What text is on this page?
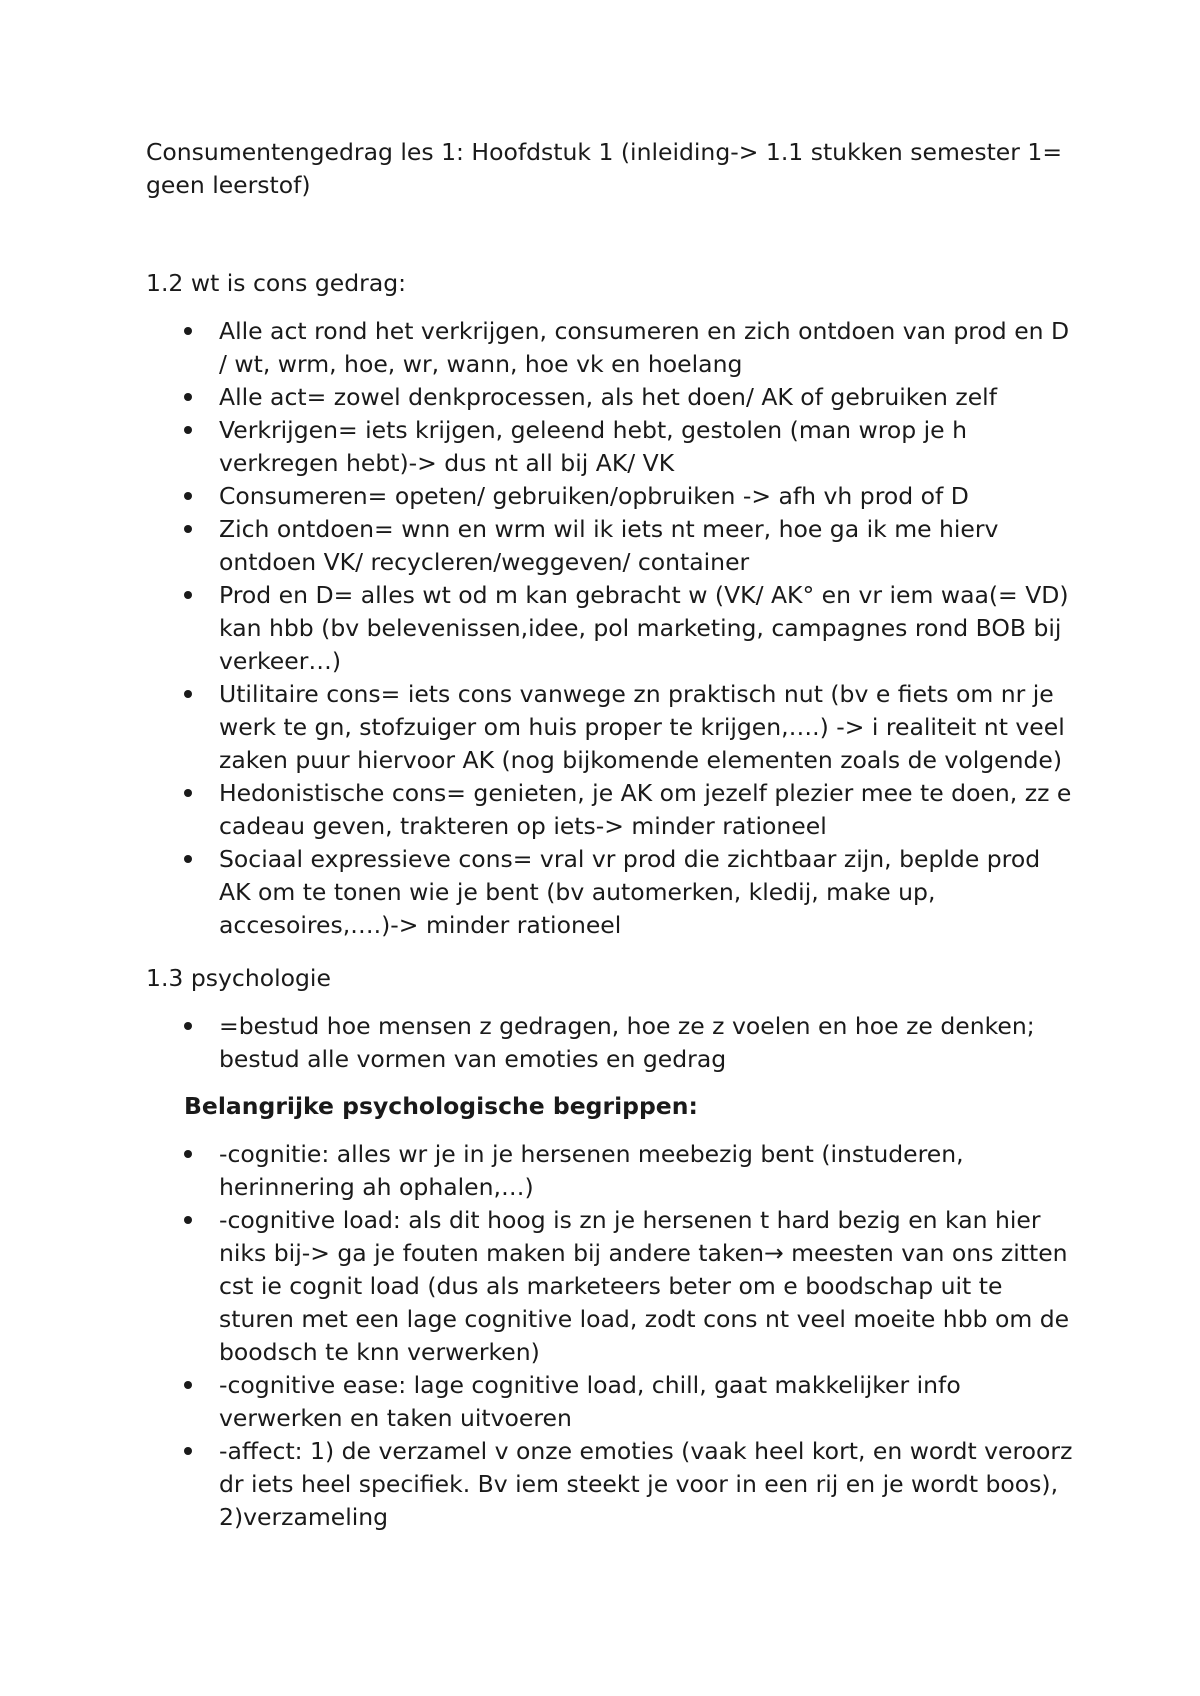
Consumentengedrag les 1: Hoofdstuk 1 (inleiding-> 1.1 stukken semester 1= geen leerstof)

1.2 wt is cons gedrag:

Alle act rond het verkrijgen, consumeren en zich ontdoen van prod en D / wt, wrm, hoe, wr, wann, hoe vk en hoelang
Alle act= zowel denkprocessen, als het doen/ AK of gebruiken zelf
Verkrijgen= iets krijgen, geleend hebt, gestolen (man wrop je h verkregen hebt)-> dus nt all bij AK/ VK
Consumeren= opeten/ gebruiken/opbruiken -> afh vh prod of D
Zich ontdoen= wnn en wrm wil ik iets nt meer, hoe ga ik me hierv ontdoen VK/ recycleren/weggeven/ container
Prod en D= alles wt od m kan gebracht w (VK/ AK° en vr iem waa(= VD) kan hbb (bv belevenissen,idee, pol marketing, campagnes rond BOB bij verkeer…)
Utilitaire cons= iets cons vanwege zn praktisch nut (bv e fiets om nr je werk te gn, stofzuiger om huis proper te krijgen,….) -> i realiteit nt veel zaken puur hiervoor AK (nog bijkomende elementen zoals de volgende)
Hedonistische cons= genieten, je AK om jezelf plezier mee te doen, zz e cadeau geven, trakteren op iets-> minder rationeel
Sociaal expressieve cons= vral vr prod die zichtbaar zijn, beplde prod AK om te tonen wie je bent (bv automerken, kledij, make up, accesoires,….)-> minder rationeel

1.3 psychologie

=bestud hoe mensen z gedragen, hoe ze z voelen en hoe ze denken; bestud alle vormen van emoties en gedrag

Belangrijke psychologische begrippen:

-cognitie: alles wr je in je hersenen meebezig bent (instuderen, herinnering ah ophalen,…)
-cognitive load: als dit hoog is zn je hersenen t hard bezig en kan hier niks bij-> ga je fouten maken bij andere taken→ meesten van ons zitten cst ie cognit load (dus als marketeers beter om e boodschap uit te sturen met een lage cognitive load, zodt cons nt veel moeite hbb om de boodsch te knn verwerken)
-cognitive ease: lage cognitive load, chill, gaat makkelijker info verwerken en taken uitvoeren
-affect: 1) de verzamel v onze emoties (vaak heel kort, en wordt veroorz dr iets heel specifiek. Bv iem steekt je voor in een rij en je wordt boos), 2)verzameling
